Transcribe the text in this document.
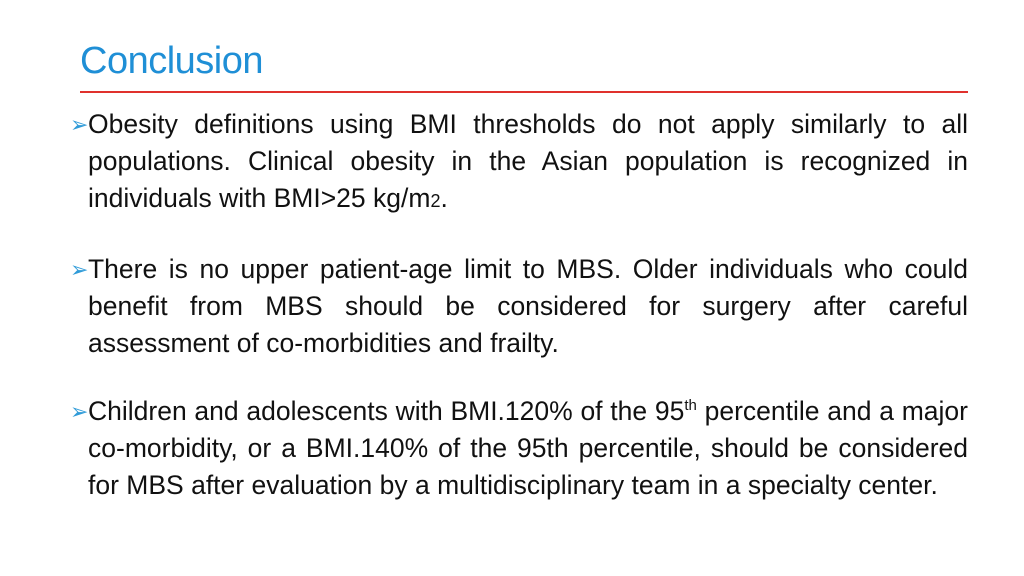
Conclusion
➢ Obesity definitions using BMI thresholds do not apply similarly to all populations. Clinical obesity in the Asian population is recognized in individuals with BMI>25 kg/m2.
➢ There is no upper patient-age limit to MBS. Older individuals who could benefit from MBS should be considered for surgery after careful assessment of co-morbidities and frailty.
➢ Children and adolescents with BMI.120% of the 95th percentile and a major co-morbidity, or a BMI.140% of the 95th percentile, should be considered for MBS after evaluation by a multidisciplinary team in a specialty center.
